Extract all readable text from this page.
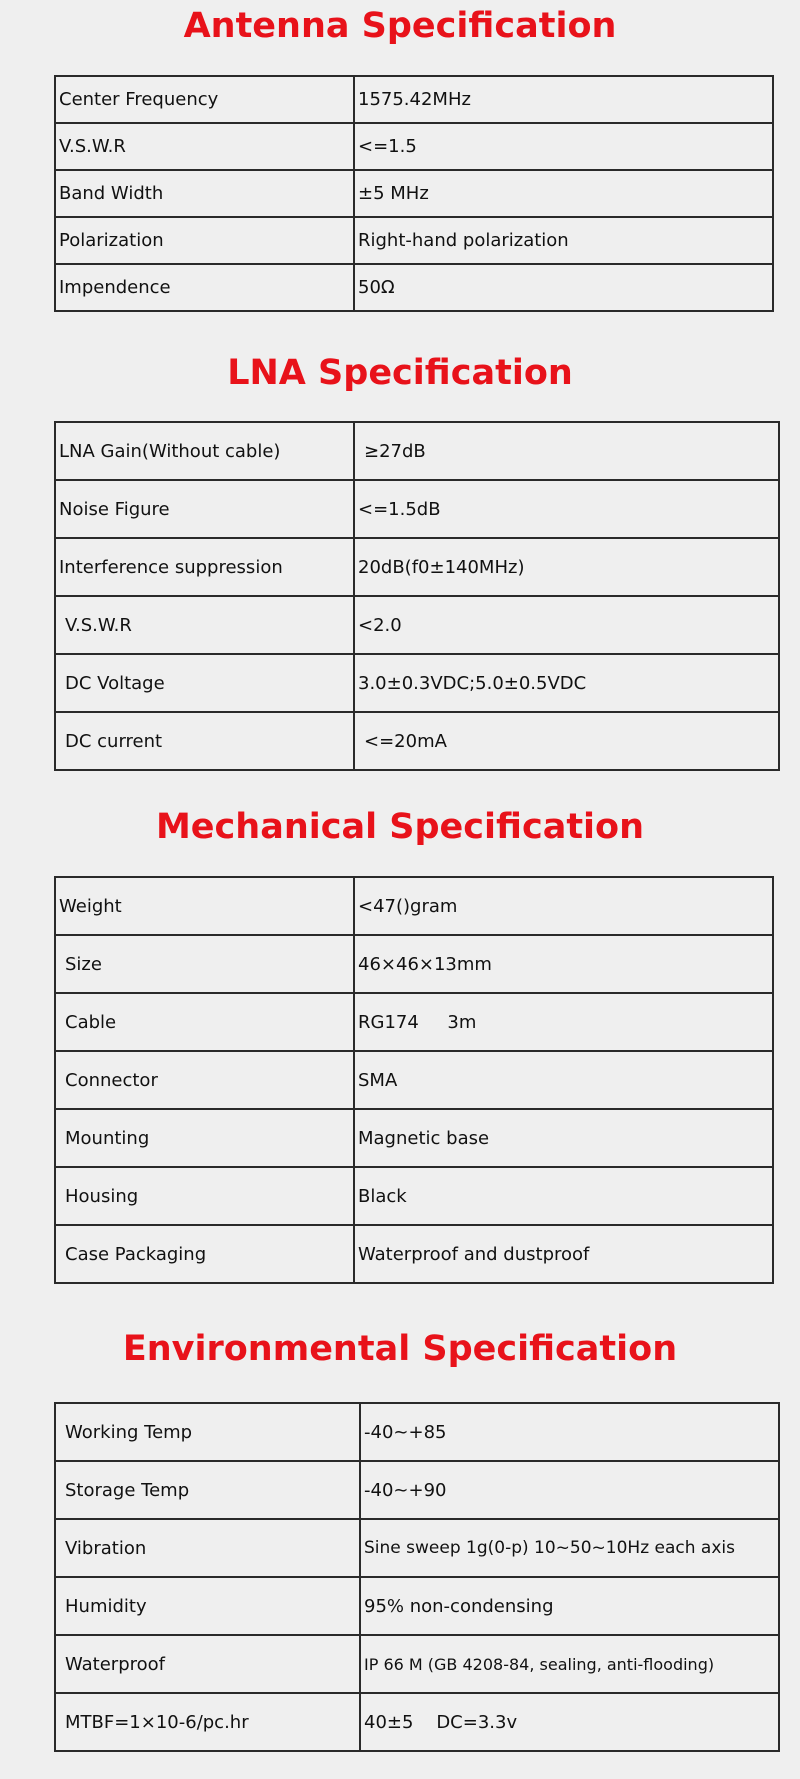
Antenna Specification
Center Frequency	1575.42MHz
V.S.W.R	<=1.5
Band Width	±5 MHz
Polarization	Right-hand polarization
Impendence	50Ω
LNA Specification
LNA Gain(Without cable)	≥27dB
Noise Figure	<=1.5dB
Interference suppression	20dB(f0±140MHz)
V.S.W.R	<2.0
DC Voltage	3.0±0.3VDC;5.0±0.5VDC
DC current	<=20mA
Mechanical Specification
Weight	<47()gram
Size	46×46×13mm
Cable	RG174     3m
Connector	SMA
Mounting	Magnetic base
Housing	Black
Case Packaging	Waterproof and dustproof
Environmental Specification
Working Temp	-40~+85
Storage Temp	-40~+90
Vibration	Sine sweep 1g(0-p) 10~50~10Hz each axis
Humidity	95% non-condensing
Waterproof	IP 66 M (GB 4208-84, sealing, anti-flooding)
MTBF=1×10-6/pc.hr	40±5    DC=3.3v
